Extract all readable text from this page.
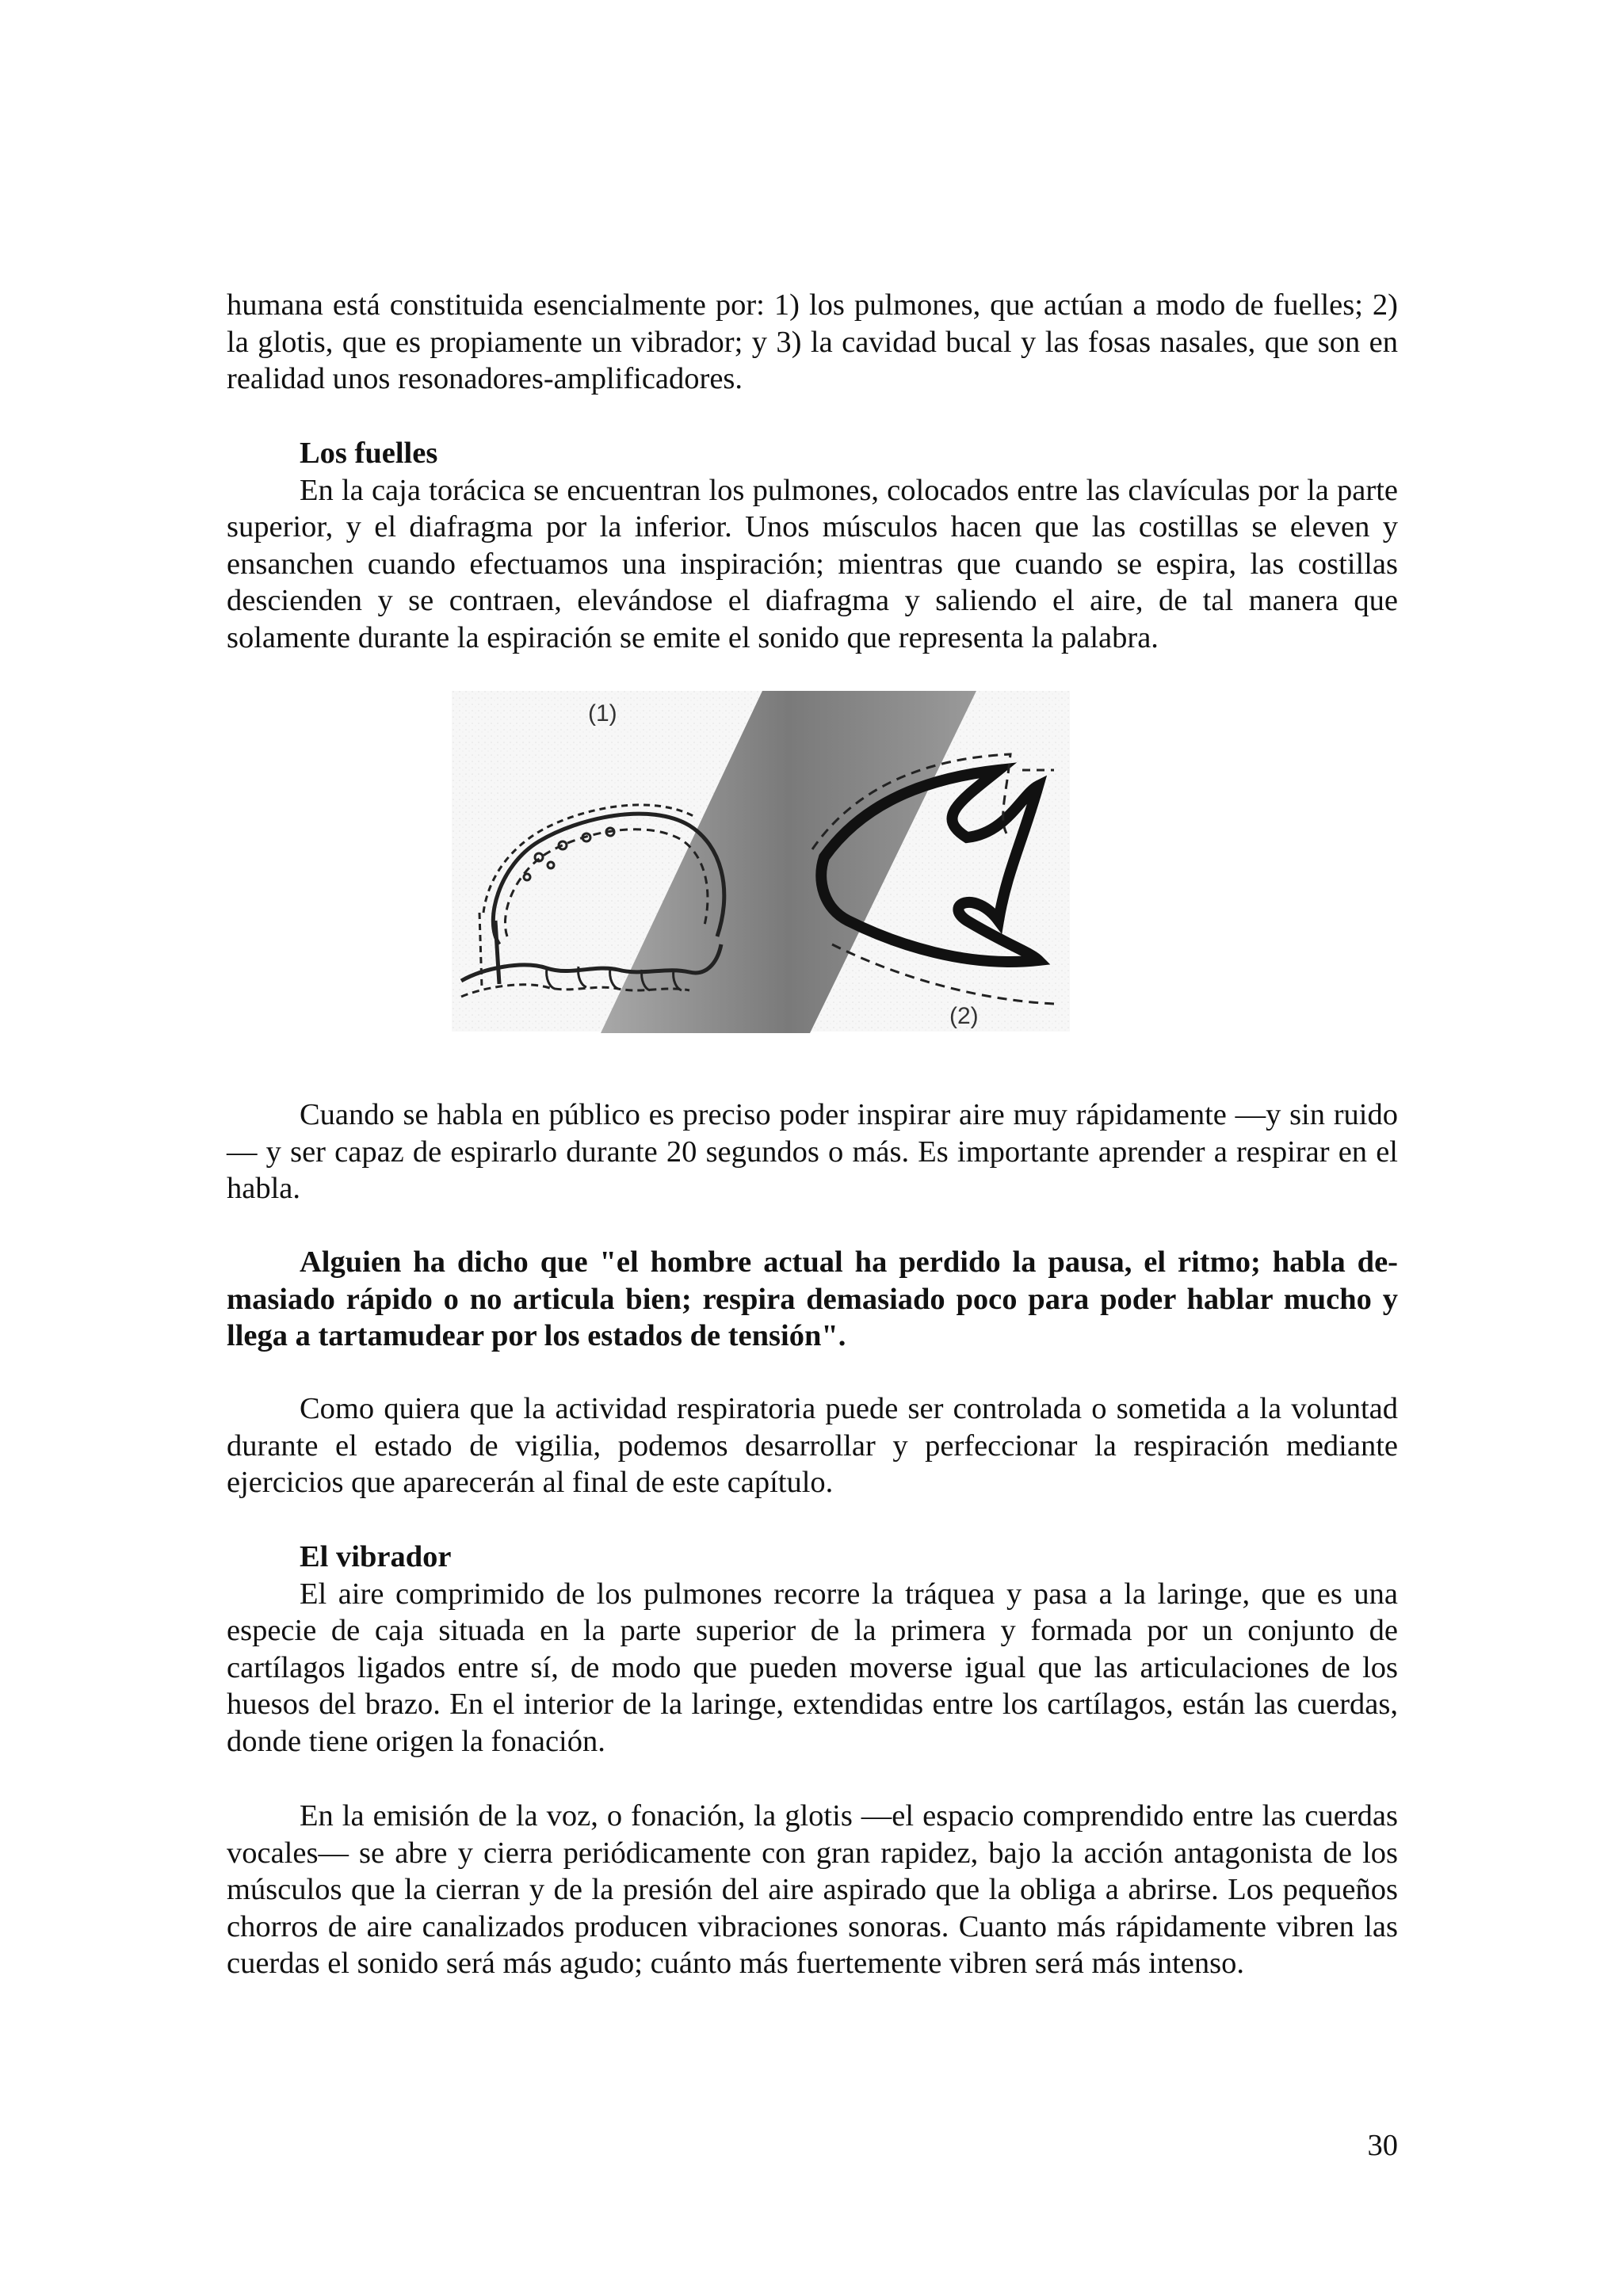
humana está constituida esencialmente por: 1) los pulmones, que actúan a modo de fuelles; 2) la glotis, que es propiamente un vibrador; y 3) la cavidad bucal y las fosas nasales, que son en realidad unos resonadores-amplificadores.

Los fuelles

En la caja torácica se encuentran los pulmones, colocados entre las clavículas por la parte superior, y el diafragma por la inferior. Unos músculos hacen que las costillas se eleven y ensanchen cuando efectuamos una inspiración; mientras que cuando se espira, las costillas descienden y se contraen, elevándose el diafragma y saliendo el aire, de tal manera que solamente durante la espiración se emite el sonido que representa la palabra.

(1)
(2)

Cuando se habla en público es preciso poder inspirar aire muy rápidamente —y sin ruido— y ser capaz de espirarlo durante 20 segundos o más. Es importante aprender a respirar en el habla.

Alguien ha dicho que "el hombre actual ha perdido la pausa, el ritmo; habla demasiado rápido o no articula bien; respira demasiado poco para poder hablar mucho y llega a tartamudear por los estados de tensión".

Como quiera que la actividad respiratoria puede ser controlada o sometida a la voluntad durante el estado de vigilia, podemos desarrollar y perfeccionar la respiración mediante ejercicios que aparecerán al final de este capítulo.

El vibrador

El aire comprimido de los pulmones recorre la tráquea y pasa a la laringe, que es una especie de caja situada en la parte superior de la primera y formada por un conjunto de cartílagos ligados entre sí, de modo que pueden moverse igual que las articulaciones de los huesos del brazo. En el interior de la laringe, extendidas entre los cartílagos, están las cuerdas, donde tiene origen la fonación.

En la emisión de la voz, o fonación, la glotis —el espacio comprendido entre las cuerdas vocales— se abre y cierra periódicamente con gran rapidez, bajo la acción antagonista de los músculos que la cierran y de la presión del aire aspirado que la obliga a abrirse. Los pequeños chorros de aire canalizados producen vibraciones sonoras. Cuanto más rápidamente vibren las cuerdas el sonido será más agudo; cuánto más fuertemente vibren será más intenso.

30
